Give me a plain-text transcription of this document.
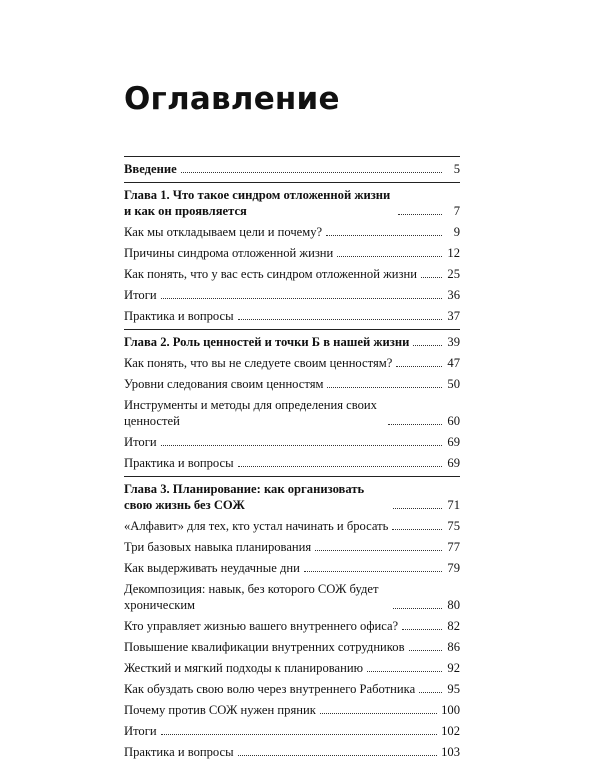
Оглавление
Введение	5
Глава 1. Что такое синдром отложенной жизни и как он проявляется	7
Как мы откладываем цели и почему?	9
Причины синдрома отложенной жизни	12
Как понять, что у вас есть синдром отложенной жизни 25
Итоги	36
Практика и вопросы	37
Глава 2. Роль ценностей и точки Б в нашей жизни	39
Как понять, что вы не следуете своим ценностям?	47
Уровни следования своим ценностям	50
Инструменты и методы для определения своих ценностей	60
Итоги	69
Практика и вопросы	69
Глава 3. Планирование: как организовать свою жизнь без СОЖ	71
«Алфавит» для тех, кто устал начинать и бросать	75
Три базовых навыка планирования	77
Как выдерживать неудачные дни	79
Декомпозиция: навык, без которого СОЖ будет хроническим	80
Кто управляет жизнью вашего внутреннего офиса?	82
Повышение квалификации внутренних сотрудников	86
Жесткий и мягкий подходы к планированию	92
Как обуздать свою волю через внутреннего Работника	95
Почему против СОЖ нужен пряник	100
Итоги	102
Практика и вопросы	103
